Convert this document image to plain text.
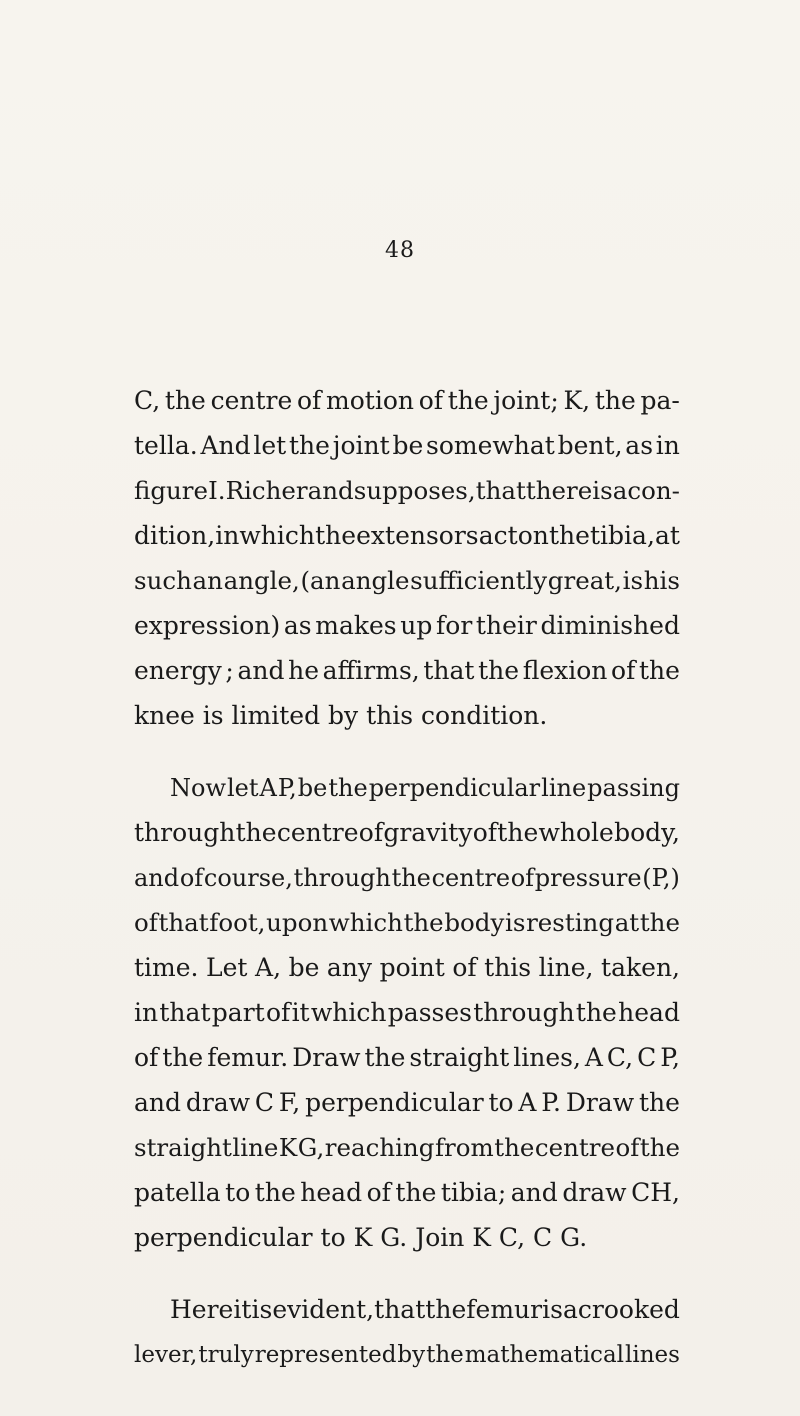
48
C, the centre of motion of the joint; K, the pa-
tella. And let the joint be somewhat bent, as in
figure I. Richerand supposes, that there is a con-
dition, in which the extensors act on the tibia, at
such an angle, (an angle sufficiently great, is his
expression) as makes up for their diminished
energy ; and he affirms, that the flexion of the
knee is limited by this condition.
Now let A P, be the perpendicular line passing
through the centre of gravity of the whole body,
and of course, through the centre of pressure (P,)
of that foot, upon which the body is resting at the
time. Let A, be any point of this line, taken,
in that part of it which passes through the head
of the femur. Draw the straight lines, A C, C P,
and draw C F, perpendicular to A P. Draw the
straight line K G, reaching from the centre of the
patella to the head of the tibia; and draw CH,
perpendicular to K G. Join K C, C G.
Here it is evident, that the femur is a crooked
lever, truly represented by the mathematical lines
